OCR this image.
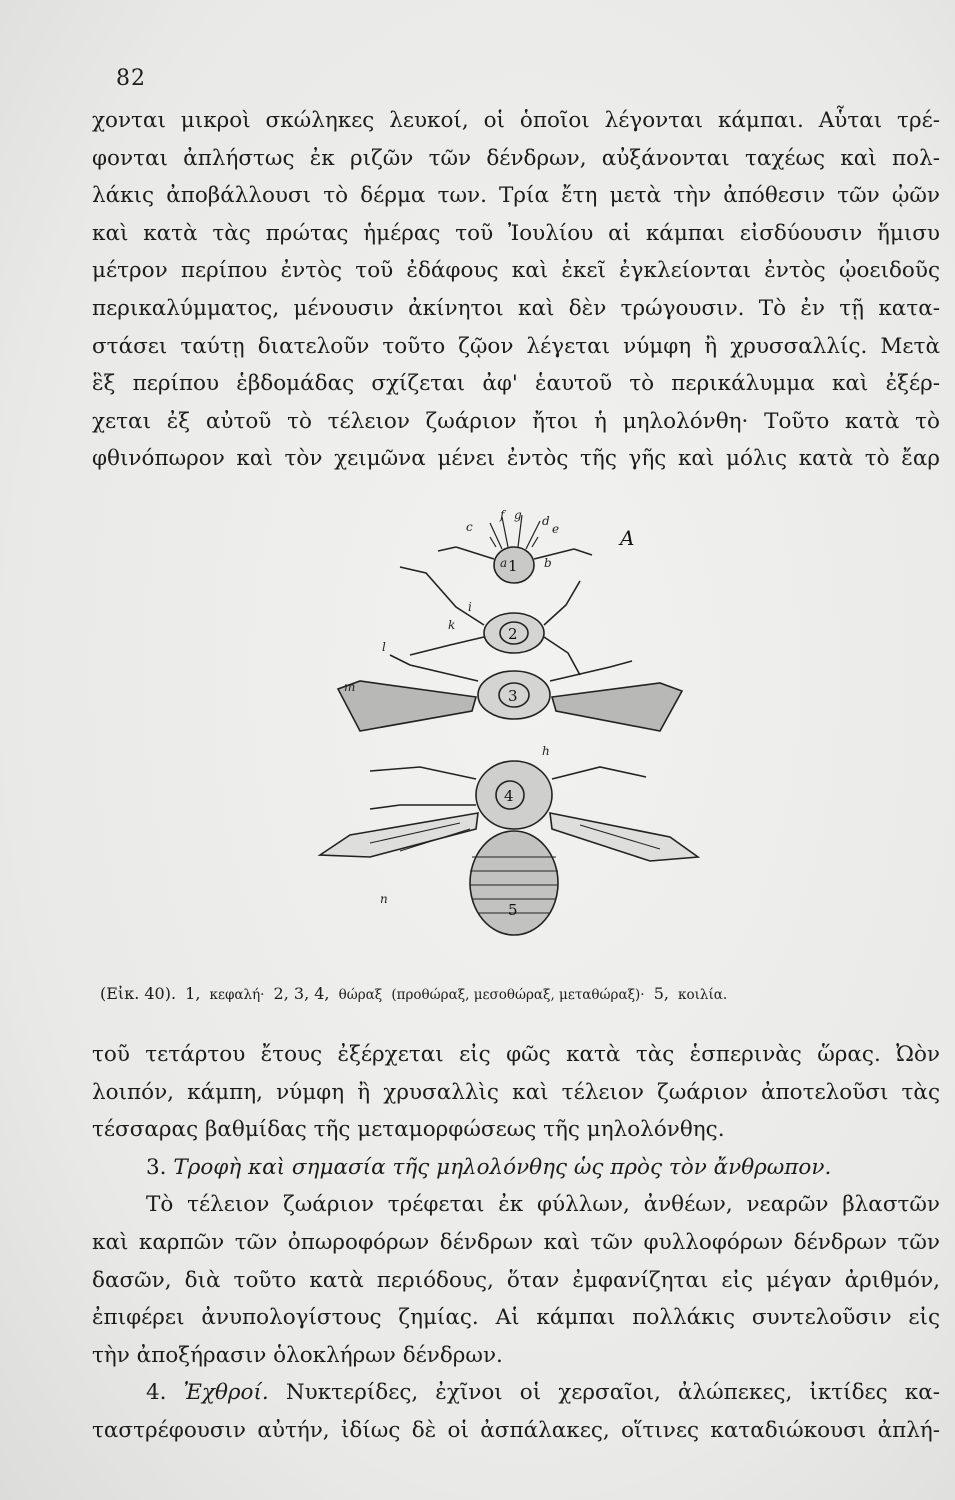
82
χονται μικροὶ σκώληκες λευκοί, οἱ ὁποῖοι λέγονται κάμπαι. Αὗται τρέ-
φονται ἀπλήστως ἐκ ριζῶν τῶν δένδρων, αὐξάνονται ταχέως καὶ πολ-
λάκις ἀποβάλλουσι τὸ δέρμα των. Τρία ἔτη μετὰ τὴν ἀπόθεσιν τῶν ᾠῶν
καὶ κατὰ τὰς πρώτας ἡμέρας τοῦ Ἰουλίου αἱ κάμπαι εἰσδύουσιν ἥμισυ
μέτρον περίπου ἐντὸς τοῦ ἐδάφους καὶ ἐκεῖ ἐγκλείονται ἐντὸς ᾠοειδοῦς
περικαλύμματος, μένουσιν ἀκίνητοι καὶ δὲν τρώγουσιν. Τὸ ἐν τῇ κατα-
στάσει ταύτῃ διατελοῦν τοῦτο ζῷον λέγεται νύμφη ἢ χρυσσαλλίς. Μετὰ
ἓξ περίπου ἑβδομάδας σχίζεται ἀφ' ἑαυτοῦ τὸ περικάλυμμα καὶ ἐξέρ-
χεται ἐξ αὐτοῦ τὸ τέλειον ζωάριον ἤτοι ἡ μηλολόνθη· Τοῦτο κατὰ τὸ
φθινόπωρον καὶ τὸν χειμῶνα μένει ἐντὸς τῆς γῆς καὶ μόλις κατὰ τὸ ἔαρ
1
2
3
4
5
a	b
c	d
e
f g
h
i
k
l
m
n
A
(Εἰκ. 40). 1, κεφαλή· 2, 3, 4, θώραξ (προθώραξ, μεσοθώραξ, μεταθώραξ)· 5, κοιλία.
τοῦ τετάρτου ἔτους ἐξέρχεται εἰς φῶς κατὰ τὰς ἑσπερινὰς ὥρας. Ὠὸν
λοιπόν, κάμπη, νύμφη ἢ χρυσαλλὶς καὶ τέλειον ζωάριον ἀποτελοῦσι τὰς
τέσσαρας βαθμίδας τῆς μεταμορφώσεως τῆς μηλολόνθης.
3. Τροφὴ καὶ σημασία τῆς μηλολόνθης ὡς πρὸς τὸν ἄνθρωπον.
Τὸ τέλειον ζωάριον τρέφεται ἐκ φύλλων, ἀνθέων, νεαρῶν βλαστῶν
καὶ καρπῶν τῶν ὀπωροφόρων δένδρων καὶ τῶν φυλλοφόρων δένδρων τῶν
δασῶν, διὰ τοῦτο κατὰ περιόδους, ὅταν ἐμφανίζηται εἰς μέγαν ἀριθμόν,
ἐπιφέρει ἀνυπολογίστους ζημίας. Αἱ κάμπαι πολλάκις συντελοῦσιν εἰς
τὴν ἀποξήρασιν ὁλοκλήρων δένδρων.
4. Ἐχθροί. Νυκτερίδες, ἐχῖνοι οἱ χερσαῖοι, ἀλώπεκες, ἰκτίδες κα-
ταστρέφουσιν αὐτήν, ἰδίως δὲ οἱ ἀσπάλακες, οἵτινες καταδιώκουσι ἀπλή-
